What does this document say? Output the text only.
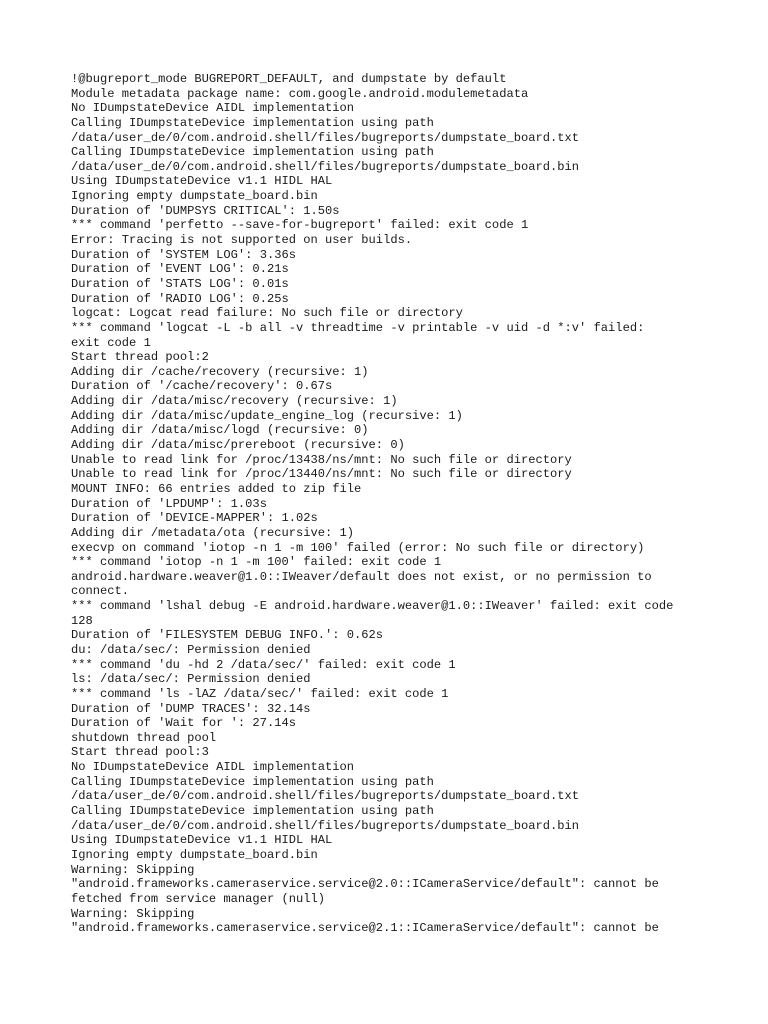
!@bugreport_mode BUGREPORT_DEFAULT, and dumpstate by default
Module metadata package name: com.google.android.modulemetadata
No IDumpstateDevice AIDL implementation
Calling IDumpstateDevice implementation using path
/data/user_de/0/com.android.shell/files/bugreports/dumpstate_board.txt
Calling IDumpstateDevice implementation using path
/data/user_de/0/com.android.shell/files/bugreports/dumpstate_board.bin
Using IDumpstateDevice v1.1 HIDL HAL
Ignoring empty dumpstate_board.bin
Duration of 'DUMPSYS CRITICAL': 1.50s
*** command 'perfetto --save-for-bugreport' failed: exit code 1
Error: Tracing is not supported on user builds.
Duration of 'SYSTEM LOG': 3.36s
Duration of 'EVENT LOG': 0.21s
Duration of 'STATS LOG': 0.01s
Duration of 'RADIO LOG': 0.25s
logcat: Logcat read failure: No such file or directory
*** command 'logcat -L -b all -v threadtime -v printable -v uid -d *:v' failed:
exit code 1
Start thread pool:2
Adding dir /cache/recovery (recursive: 1)
Duration of '/cache/recovery': 0.67s
Adding dir /data/misc/recovery (recursive: 1)
Adding dir /data/misc/update_engine_log (recursive: 1)
Adding dir /data/misc/logd (recursive: 0)
Adding dir /data/misc/prereboot (recursive: 0)
Unable to read link for /proc/13438/ns/mnt: No such file or directory
Unable to read link for /proc/13440/ns/mnt: No such file or directory
MOUNT INFO: 66 entries added to zip file
Duration of 'LPDUMP': 1.03s
Duration of 'DEVICE-MAPPER': 1.02s
Adding dir /metadata/ota (recursive: 1)
execvp on command 'iotop -n 1 -m 100' failed (error: No such file or directory)
*** command 'iotop -n 1 -m 100' failed: exit code 1
android.hardware.weaver@1.0::IWeaver/default does not exist, or no permission to
connect.
*** command 'lshal debug -E android.hardware.weaver@1.0::IWeaver' failed: exit code
128
Duration of 'FILESYSTEM DEBUG INFO.': 0.62s
du: /data/sec/: Permission denied
*** command 'du -hd 2 /data/sec/' failed: exit code 1
ls: /data/sec/: Permission denied
*** command 'ls -lAZ /data/sec/' failed: exit code 1
Duration of 'DUMP TRACES': 32.14s
Duration of 'Wait for ': 27.14s
shutdown thread pool
Start thread pool:3
No IDumpstateDevice AIDL implementation
Calling IDumpstateDevice implementation using path
/data/user_de/0/com.android.shell/files/bugreports/dumpstate_board.txt
Calling IDumpstateDevice implementation using path
/data/user_de/0/com.android.shell/files/bugreports/dumpstate_board.bin
Using IDumpstateDevice v1.1 HIDL HAL
Ignoring empty dumpstate_board.bin
Warning: Skipping
"android.frameworks.cameraservice.service@2.0::ICameraService/default": cannot be
fetched from service manager (null)
Warning: Skipping
"android.frameworks.cameraservice.service@2.1::ICameraService/default": cannot be
